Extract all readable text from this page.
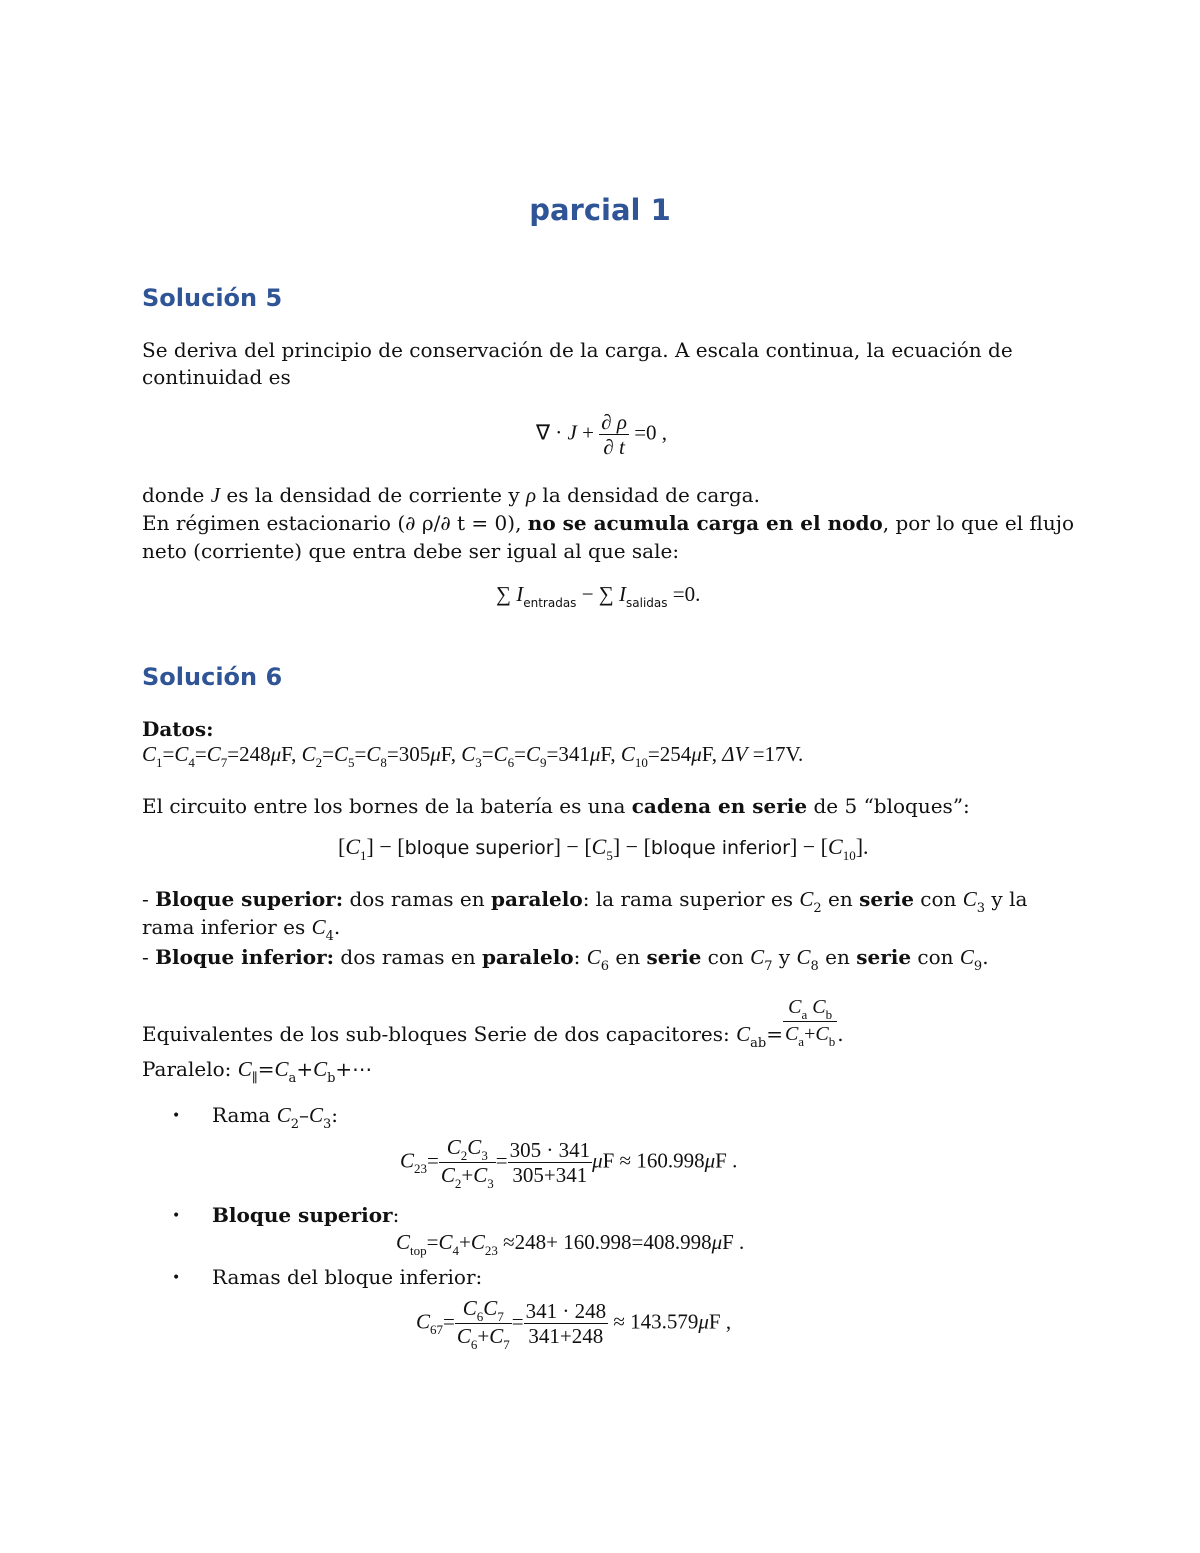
parcial 1
Solución 5
Se deriva del principio de conservación de la carga. A escala continua, la ecuación de
continuidad es
∇ · $J + \frac{\partial \rho}{\partial t} =0$ ,
donde J es la densidad de corriente y ρ la densidad de carga.
En régimen estacionario (∂ ρ/∂ t = 0), no se acumula carga en el nodo, por lo que el flujo
neto (corriente) que entra debe ser igual al que sale:
∑ $I_{entradas}$ − ∑ $I_{salidas} =0$.
Solución 6
Datos:
$C_1=C_4=C_7=248\mu F$, $C_2=C_5=C_8=305\mu F$, $C_3=C_6=C_9=341\mu F$, $C_{10}=254\mu F$, ΔV =17V.
El circuito entre los bornes de la batería es una cadena en serie de 5 “bloques”:
$[C_1]$ − [bloque superior] − $[C_5]$ − [bloque inferior] − $[C_{10}]$.
- Bloque superior: dos ramas en paralelo: la rama superior es $C_2$ en serie con $C_3$ y la
rama inferior es $C_4$.
- Bloque inferior: dos ramas en paralelo: $C_6$ en serie con $C_7$ y $C_8$ en serie con $C_9$.
Equivalentes de los sub-bloques Serie de dos capacitores: $C_{ab}= \frac{C_a C_b}{C_a+C_b}$ .
Paralelo: $C_\parallel=C_a+C_b+\cdots$
• Rama $C_2-C_3$:
$C_{23}= \frac{C_2C_3}{C_2+C_3} = \frac{305 \cdot 341}{305+341}$ μF ≈ 160.998μF .
• Bloque superior:
$C_{top}=C_4+C_{23} \approx 248+ 160.998=408.998\mu F$ .
• Ramas del bloque inferior:
$C_{67}= \frac{C_6C_7}{C_6+C_7} = \frac{341 \cdot 248}{341+248} \approx 143.579\mu F$ ,
